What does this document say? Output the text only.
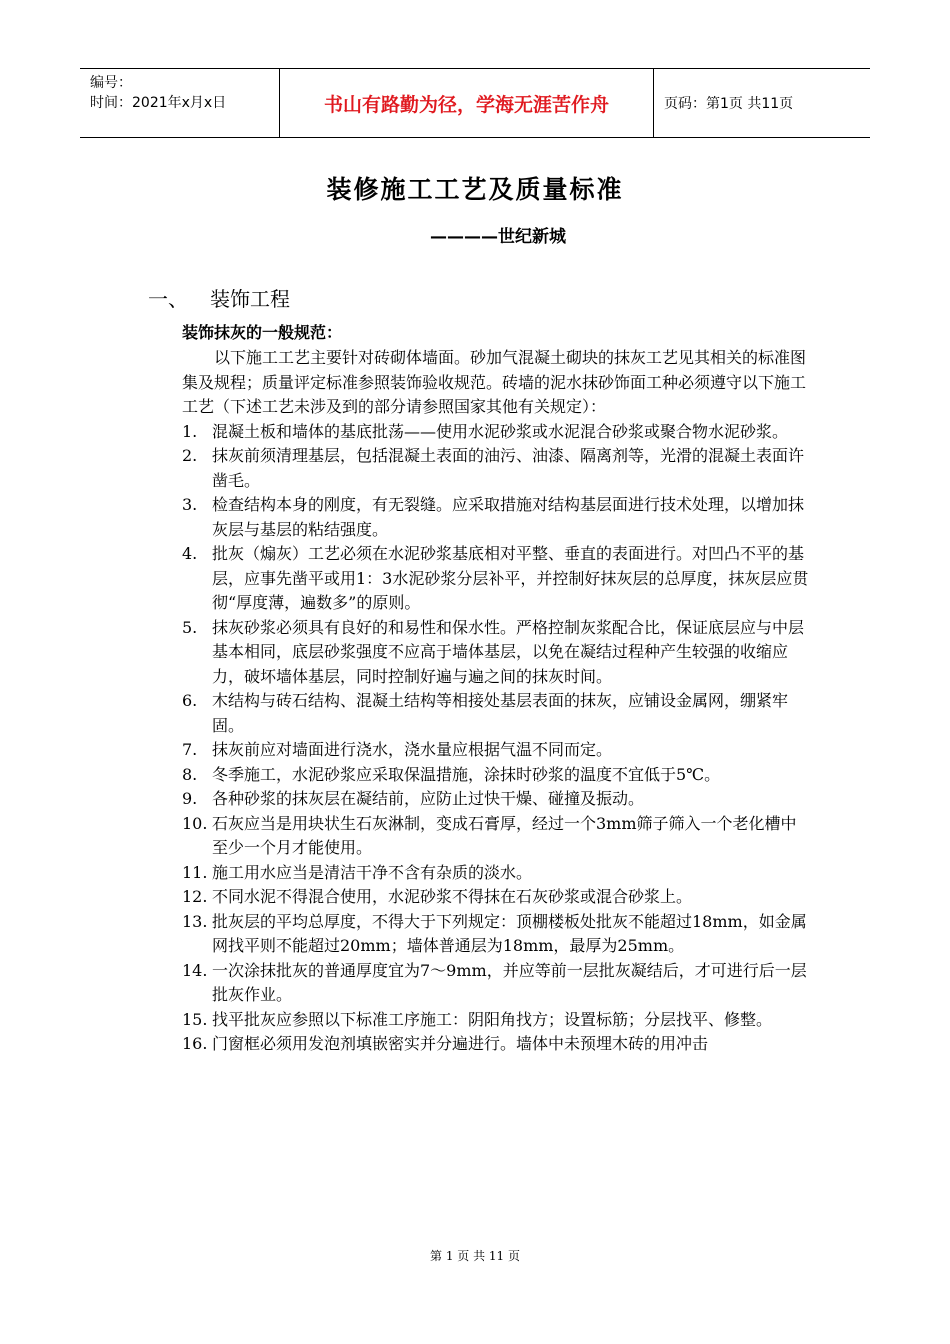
编号：
时间：2021年x月x日	书山有路勤为径，学海无涯苦作舟	页码：第1页 共11页
装修施工工艺及质量标准
————世纪新城
一、 装饰工程
装饰抹灰的一般规范：

以下施工工艺主要针对砖砌体墙面。砂加气混凝土砌块的抹灰工艺见其相关的标准图集及规程；质量评定标准参照装饰验收规范。砖墙的泥水抹砂饰面工种必须遵守以下施工工艺（下述工艺未涉及到的部分请参照国家其他有关规定）：

1. 混凝土板和墙体的基底批荡——使用水泥砂浆或水泥混合砂浆或聚合物水泥砂浆。
2. 抹灰前须清理基层，包括混凝土表面的油污、油漆、隔离剂等，光滑的混凝土表面许凿毛。
3. 检查结构本身的刚度，有无裂缝。应采取措施对结构基层面进行技术处理，以增加抹灰层与基层的粘结强度。
4. 批灰（煽灰）工艺必须在水泥砂浆基底相对平整、垂直的表面进行。对凹凸不平的基层，应事先凿平或用1：3水泥砂浆分层补平，并控制好抹灰层的总厚度，抹灰层应贯彻“厚度薄，遍数多”的原则。
5. 抹灰砂浆必须具有良好的和易性和保水性。严格控制灰浆配合比，保证底层应与中层基本相同，底层砂浆强度不应高于墙体基层，以免在凝结过程种产生较强的收缩应力，破坏墙体基层，同时控制好遍与遍之间的抹灰时间。
6. 木结构与砖石结构、混凝土结构等相接处基层表面的抹灰，应铺设金属网，绷紧牢固。
7. 抹灰前应对墙面进行浇水，浇水量应根据气温不同而定。
8. 冬季施工，水泥砂浆应采取保温措施，涂抹时砂浆的温度不宜低于5℃。
9. 各种砂浆的抹灰层在凝结前，应防止过快干燥、碰撞及振动。
10. 石灰应当是用块状生石灰淋制，变成石膏厚，经过一个3mm筛子筛入一个老化槽中至少一个月才能使用。
11. 施工用水应当是清洁干净不含有杂质的淡水。
12. 不同水泥不得混合使用，水泥砂浆不得抹在石灰砂浆或混合砂浆上。
13. 批灰层的平均总厚度，不得大于下列规定：顶棚楼板处批灰不能超过18mm，如金属网找平则不能超过20mm；墙体普通层为18mm，最厚为25mm。
14. 一次涂抹批灰的普通厚度宜为7～9mm，并应等前一层批灰凝结后，才可进行后一层批灰作业。
15. 找平批灰应参照以下标准工序施工：阴阳角找方；设置标筋；分层找平、修整。
16. 门窗框必须用发泡剂填嵌密实并分遍进行。墙体中未预埋木砖的用冲击
第 1 页 共 11 页
